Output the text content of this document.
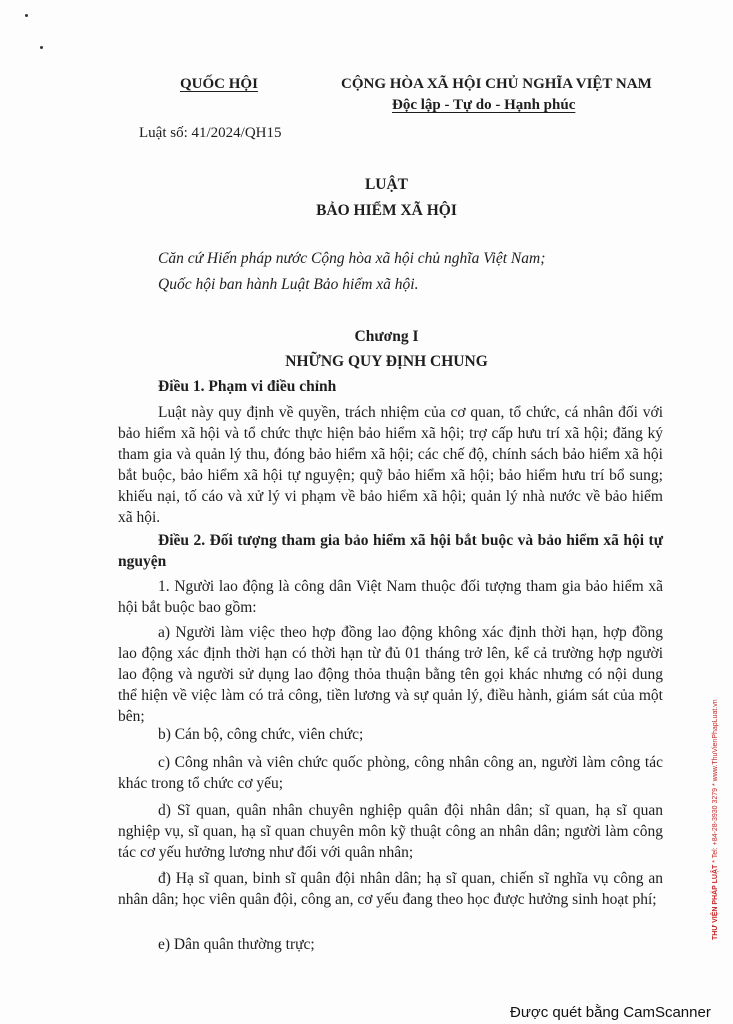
QUỐC HỘI	CỘNG HÒA XÃ HỘI CHỦ NGHĨA VIỆT NAM
Độc lập - Tự do - Hạnh phúc
Luật số: 41/2024/QH15
LUẬT
BẢO HIỂM XÃ HỘI
Căn cứ Hiến pháp nước Cộng hòa xã hội chủ nghĩa Việt Nam;
Quốc hội ban hành Luật Bảo hiểm xã hội.
Chương I
NHỮNG QUY ĐỊNH CHUNG
Điều 1. Phạm vi điều chỉnh
Luật này quy định về quyền, trách nhiệm của cơ quan, tổ chức, cá nhân đối với bảo hiểm xã hội và tổ chức thực hiện bảo hiểm xã hội; trợ cấp hưu trí xã hội; đăng ký tham gia và quản lý thu, đóng bảo hiểm xã hội; các chế độ, chính sách bảo hiểm xã hội bắt buộc, bảo hiểm xã hội tự nguyện; quỹ bảo hiểm xã hội; bảo hiểm hưu trí bổ sung; khiếu nại, tố cáo và xử lý vi phạm về bảo hiểm xã hội; quản lý nhà nước về bảo hiểm xã hội.
Điều 2. Đối tượng tham gia bảo hiểm xã hội bắt buộc và bảo hiểm xã hội tự nguyện
1. Người lao động là công dân Việt Nam thuộc đối tượng tham gia bảo hiểm xã hội bắt buộc bao gồm:
a) Người làm việc theo hợp đồng lao động không xác định thời hạn, hợp đồng lao động xác định thời hạn có thời hạn từ đủ 01 tháng trở lên, kể cả trường hợp người lao động và người sử dụng lao động thỏa thuận bằng tên gọi khác nhưng có nội dung thể hiện về việc làm có trả công, tiền lương và sự quản lý, điều hành, giám sát của một bên;
b) Cán bộ, công chức, viên chức;
c) Công nhân và viên chức quốc phòng, công nhân công an, người làm công tác khác trong tổ chức cơ yếu;
d) Sĩ quan, quân nhân chuyên nghiệp quân đội nhân dân; sĩ quan, hạ sĩ quan nghiệp vụ, sĩ quan, hạ sĩ quan chuyên môn kỹ thuật công an nhân dân; người làm công tác cơ yếu hưởng lương như đối với quân nhân;
đ) Hạ sĩ quan, binh sĩ quân đội nhân dân; hạ sĩ quan, chiến sĩ nghĩa vụ công an nhân dân; học viên quân đội, công an, cơ yếu đang theo học được hưởng sinh hoạt phí;
e) Dân quân thường trực;
THƯ VIỆN PHÁP LUẬT * Tel: +84-28-3930 3279 * www.ThuVienPhapLuat.vn
Được quét bằng CamScanner
